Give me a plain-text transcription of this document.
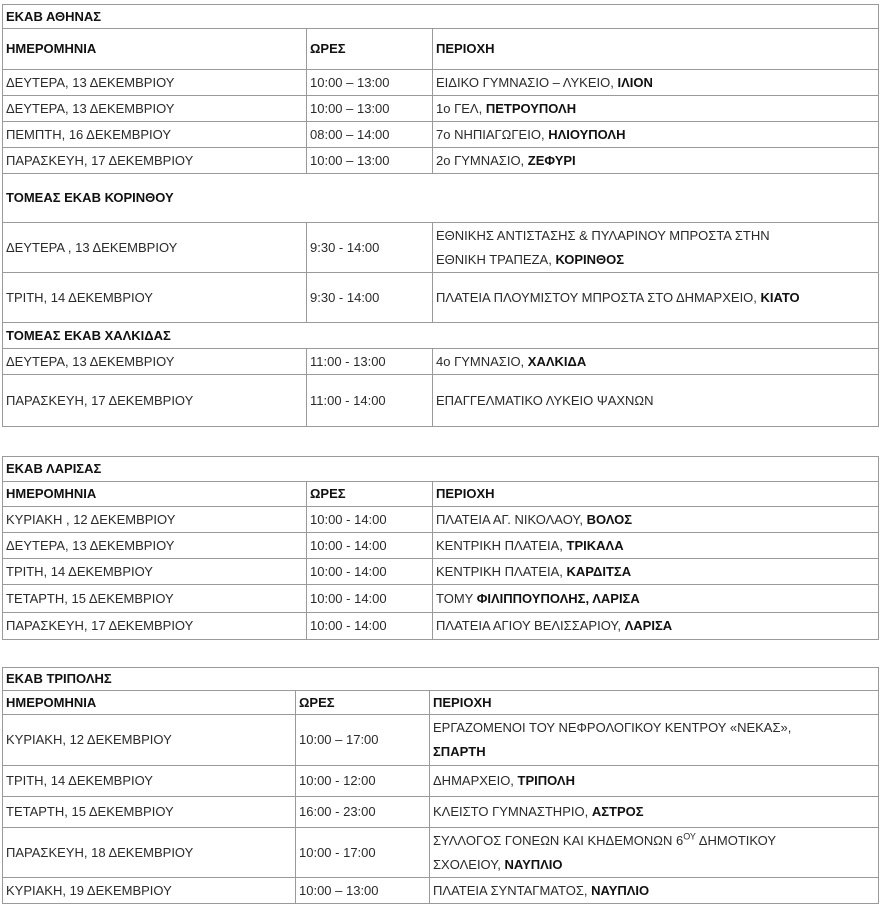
ΕΚΑΒ ΑΘΗΝΑΣ		
ΗΜΕΡΟΜΗΝΙΑ	ΩΡΕΣ	ΠΕΡΙΟΧΗ
ΔΕΥΤΕΡΑ, 13 ΔΕΚΕΜΒΡΙΟΥ	10:00 – 13:00	ΕΙΔΙΚΟ ΓΥΜΝΑΣΙΟ – ΛΥΚΕΙΟ, ΙΛΙΟΝ
ΔΕΥΤΕΡΑ, 13 ΔΕΚΕΜΒΡΙΟΥ	10:00 – 13:00	1ο ΓΕΛ, ΠΕΤΡΟΥΠΟΛΗ
ΠΕΜΠΤΗ, 16 ΔΕΚΕΜΒΡΙΟΥ	08:00 – 14:00	7ο ΝΗΠΙΑΓΩΓΕΙΟ, ΗΛΙΟΥΠΟΛΗ
ΠΑΡΑΣΚΕΥΗ, 17 ΔΕΚΕΜΒΡΙΟΥ	10:00 – 13:00	2ο ΓΥΜΝΑΣΙΟ, ΖΕΦΥΡΙ
ΤΟΜΕΑΣ ΕΚΑΒ ΚΟΡΙΝΘΟΥ		
ΔΕΥΤΕΡΑ , 13 ΔΕΚΕΜΒΡΙΟΥ	9:30 - 14:00	ΕΘΝΙΚΗΣ ΑΝΤΙΣΤΑΣΗΣ & ΠΥΛΑΡΙΝΟΥ ΜΠΡΟΣΤΑ ΣΤΗΝ
ΕΘΝΙΚΗ ΤΡΑΠΕΖΑ, ΚΟΡΙΝΘΟΣ
ΤΡΙΤΗ, 14 ΔΕΚΕΜΒΡΙΟΥ	9:30 - 14:00	ΠΛΑΤΕΙΑ ΠΛΟΥΜΙΣΤΟΥ ΜΠΡΟΣΤΑ ΣΤΟ ΔΗΜΑΡΧΕΙΟ, ΚΙΑΤΟ
ΤΟΜΕΑΣ ΕΚΑΒ ΧΑΛΚΙΔΑΣ		
ΔΕΥΤΕΡΑ, 13 ΔΕΚΕΜΒΡΙΟΥ	11:00 - 13:00	4ο ΓΥΜΝΑΣΙΟ, ΧΑΛΚΙΔΑ
ΠΑΡΑΣΚΕΥΗ, 17 ΔΕΚΕΜΒΡΙΟΥ	11:00 - 14:00	ΕΠΑΓΓΕΛΜΑΤΙΚΟ ΛΥΚΕΙΟ ΨΑΧΝΩΝ
ΕΚΑΒ ΛΑΡΙΣΑΣ		
ΗΜΕΡΟΜΗΝΙΑ	ΩΡΕΣ	ΠΕΡΙΟΧΗ
ΚΥΡΙΑΚΗ , 12 ΔΕΚΕΜΒΡΙΟΥ	10:00 - 14:00	ΠΛΑΤΕΙΑ ΑΓ. ΝΙΚΟΛΑΟΥ, ΒΟΛΟΣ
ΔΕΥΤΕΡΑ, 13 ΔΕΚΕΜΒΡΙΟΥ	10:00 - 14:00	ΚΕΝΤΡΙΚΗ ΠΛΑΤΕΙΑ, ΤΡΙΚΑΛΑ
ΤΡΙΤΗ, 14 ΔΕΚΕΜΒΡΙΟΥ	10:00 - 14:00	ΚΕΝΤΡΙΚΗ ΠΛΑΤΕΙΑ, ΚΑΡΔΙΤΣΑ
ΤΕΤΑΡΤΗ, 15 ΔΕΚΕΜΒΡΙΟΥ	10:00 - 14:00	ΤΟΜΥ ΦΙΛΙΠΠΟΥΠΟΛΗΣ, ΛΑΡΙΣΑ
ΠΑΡΑΣΚΕΥΗ, 17 ΔΕΚΕΜΒΡΙΟΥ	10:00 - 14:00	ΠΛΑΤΕΙΑ ΑΓΙΟΥ ΒΕΛΙΣΣΑΡΙΟΥ, ΛΑΡΙΣΑ
ΕΚΑΒ ΤΡΙΠΟΛΗΣ		
ΗΜΕΡΟΜΗΝΙΑ	ΩΡΕΣ	ΠΕΡΙΟΧΗ
ΚΥΡΙΑΚΗ, 12 ΔΕΚΕΜΒΡΙΟΥ	10:00 – 17:00	ΕΡΓΑΖΟΜΕΝΟΙ ΤΟΥ ΝΕΦΡΟΛΟΓΙΚΟΥ ΚΕΝΤΡΟΥ «ΝΕΚΑΣ»,
ΣΠΑΡΤΗ
ΤΡΙΤΗ, 14 ΔΕΚΕΜΒΡΙΟΥ	10:00 - 12:00	ΔΗΜΑΡΧΕΙΟ, ΤΡΙΠΟΛΗ
ΤΕΤΑΡΤΗ, 15 ΔΕΚΕΜΒΡΙΟΥ	16:00 - 23:00	ΚΛΕΙΣΤΟ ΓΥΜΝΑΣΤΗΡΙΟ, ΑΣΤΡΟΣ
ΠΑΡΑΣΚΕΥΗ, 18 ΔΕΚΕΜΒΡΙΟΥ	10:00 - 17:00	ΣΥΛΛΟΓΟΣ ΓΟΝΕΩΝ ΚΑΙ ΚΗΔΕΜΟΝΩΝ $6^{O\Upsilon}$ ΔΗΜΟΤΙΚΟΥ
ΣΧΟΛΕΙΟΥ, ΝΑΥΠΛΙΟ
ΚΥΡΙΑΚΗ, 19 ΔΕΚΕΜΒΡΙΟΥ	10:00 – 13:00	ΠΛΑΤΕΙΑ ΣΥΝΤΑΓΜΑΤΟΣ, ΝΑΥΠΛΙΟ
